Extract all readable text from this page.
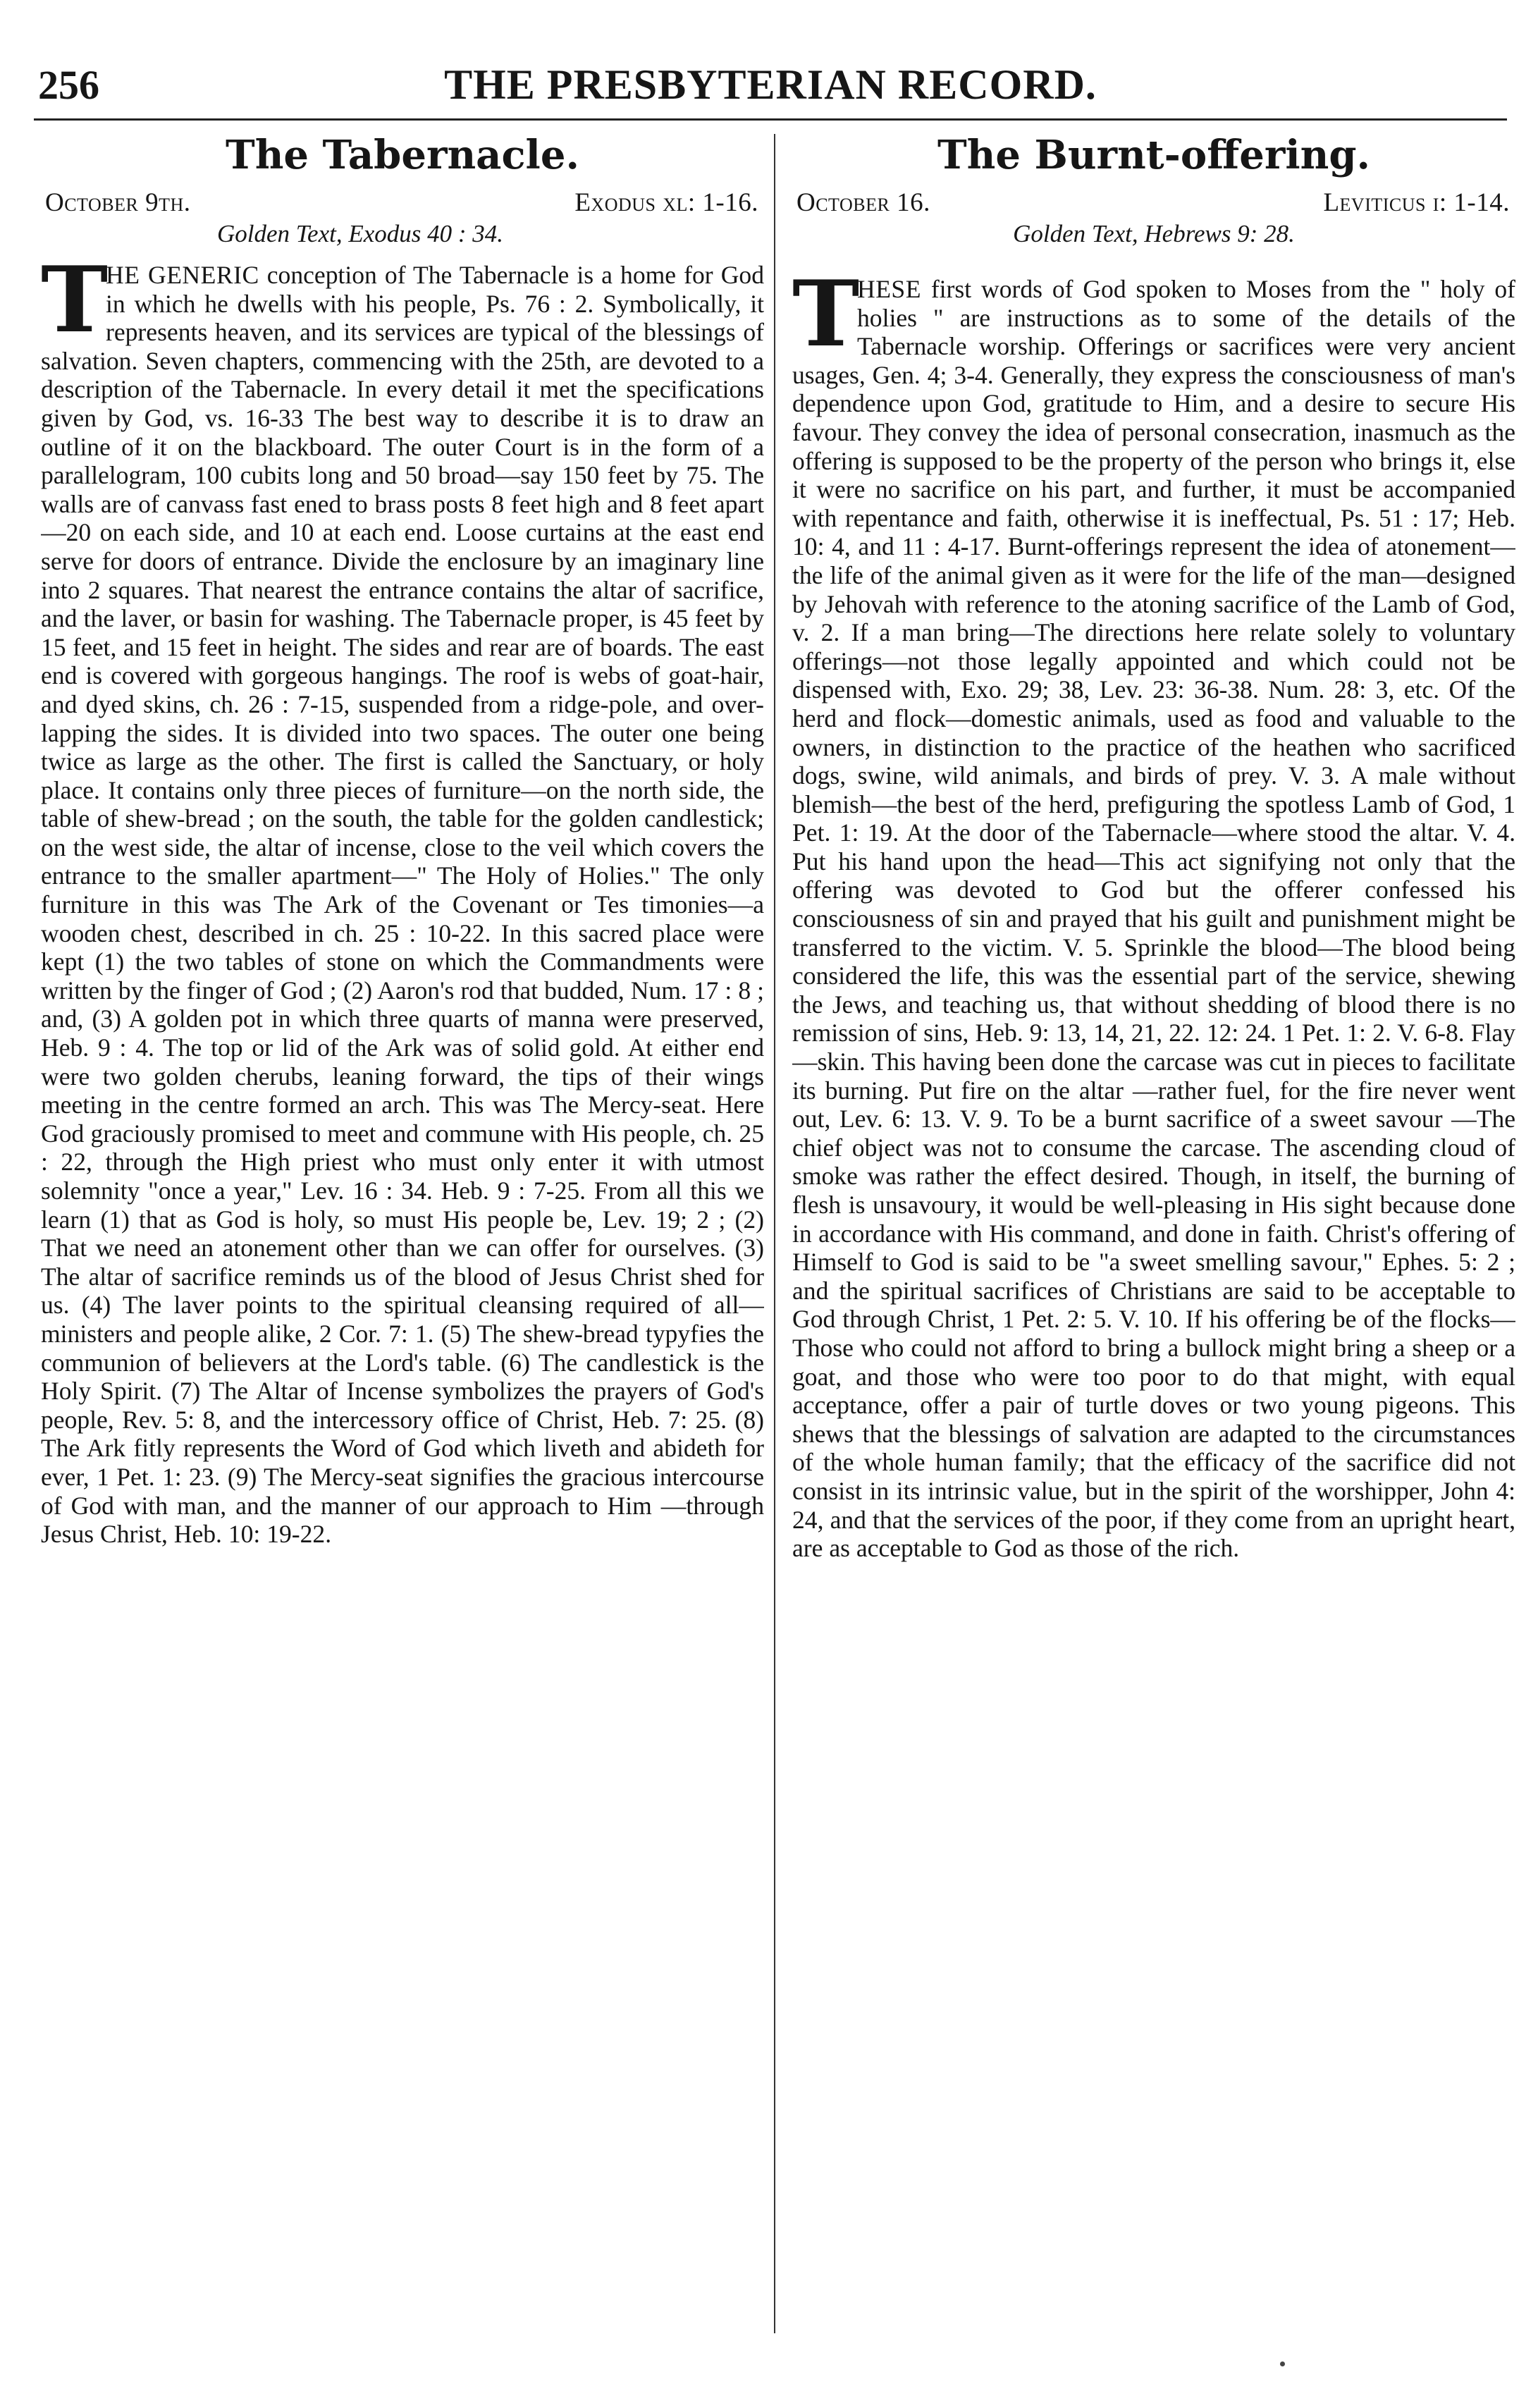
256	THE PRESBYTERIAN RECORD.
The Tabernacle.
October 9th.	Exodus xl: 1-16.
Golden Text, Exodus 40 : 34.

T
HE GENERIC conception of The Tabernacle is a home for God in which he dwells with his people, Ps. 76 : 2. Symbolically, it represents heaven, and its services are typical of the blessings of salvation. Seven chapters, commencing with the 25th, are devoted to a description of the Tabernacle. In every detail it met the specifications given by God, vs. 16-33 The best way to describe it is to draw an outline of it on the blackboard. The outer Court is in the form of a parallelogram, 100 cubits long and 50 broad—say 150 feet by 75. The walls are of canvass fast ened to brass posts 8 feet high and 8 feet apart—20 on each side, and 10 at each end. Loose curtains at the east end serve for doors of entrance. Divide the enclosure by an imaginary line into 2 squares. That nearest the entrance contains the altar of sacrifice, and the laver, or basin for washing. The Tabernacle proper, is 45 feet by 15 feet, and 15 feet in height. The sides and rear are of boards. The east end is covered with gorgeous hangings. The roof is webs of goat-hair, and dyed skins, ch. 26 : 7-15, suspended from a ridge-pole, and over-lapping the sides. It is divided into two spaces. The outer one being twice as large as the other. The first is called the Sanctuary, or holy place. It contains only three pieces of furniture—on the north side, the table of shew-bread ; on the south, the table for the golden candlestick; on the west side, the altar of incense, close to the veil which covers the entrance to the smaller apartment—" The Holy of Holies." The only furniture in this was The Ark of the Covenant or Tes timonies—a wooden chest, described in ch. 25 : 10-22. In this sacred place were kept (1) the two tables of stone on which the Commandments were written by the finger of God ; (2) Aaron's rod that budded, Num. 17 : 8 ; and, (3) A golden pot in which three quarts of manna were preserved, Heb. 9 : 4. The top or lid of the Ark was of solid gold. At either end were two golden cherubs, leaning forward, the tips of their wings meeting in the centre formed an arch. This was The Mercy-seat. Here God graciously promised to meet and commune with His people, ch. 25 : 22, through the High priest who must only enter it with utmost solemnity "once a year," Lev. 16 : 34. Heb. 9 : 7-25. From all this we learn (1) that as God is holy, so must His people be, Lev. 19; 2 ; (2) That we need an atonement other than we can offer for ourselves. (3) The altar of sacrifice reminds us of the blood of Jesus Christ shed for us. (4) The laver points to the spiritual cleansing required of all—ministers and people alike, 2 Cor. 7: 1. (5) The shew-bread typyfies the communion of believers at the Lord's table. (6) The candlestick is the Holy Spirit. (7) The Altar of Incense symbolizes the prayers of God's people, Rev. 5: 8, and the intercessory office of Christ, Heb. 7: 25. (8) The Ark fitly represents the Word of God which liveth and abideth for ever, 1 Pet. 1: 23. (9) The Mercy-seat signifies the gracious intercourse of God with man, and the manner of our approach to Him —through Jesus Christ, Heb. 10: 19-22.

The Burnt-offering.
October 16.	Leviticus i: 1-14.
Golden Text, Hebrews 9: 28.

T
HESE first words of God spoken to Moses from the " holy of holies " are instructions as to some of the details of the Tabernacle worship. Offerings or sacrifices were very ancient usages, Gen. 4; 3-4. Generally, they express the consciousness of man's dependence upon God, gratitude to Him, and a desire to secure His favour. They convey the idea of personal consecration, inasmuch as the offering is supposed to be the property of the person who brings it, else it were no sacrifice on his part, and further, it must be accompanied with repentance and faith, otherwise it is ineffectual, Ps. 51 : 17; Heb. 10: 4, and 11 : 4-17. Burnt-offerings represent the idea of atonement—the life of the animal given as it were for the life of the man—designed by Jehovah with reference to the atoning sacrifice of the Lamb of God, v. 2. If a man bring—The directions here relate solely to voluntary offerings—not those legally appointed and which could not be dispensed with, Exo. 29; 38, Lev. 23: 36-38. Num. 28: 3, etc. Of the herd and flock—domestic animals, used as food and valuable to the owners, in distinction to the practice of the heathen who sacrificed dogs, swine, wild animals, and birds of prey. V. 3. A male without blemish—the best of the herd, prefiguring the spotless Lamb of God, 1 Pet. 1: 19. At the door of the Tabernacle—where stood the altar. V. 4. Put his hand upon the head—This act signifying not only that the offering was devoted to God but the offerer confessed his consciousness of sin and prayed that his guilt and punishment might be transferred to the victim. V. 5. Sprinkle the blood—The blood being considered the life, this was the essential part of the service, shewing the Jews, and teaching us, that without shedding of blood there is no remission of sins, Heb. 9: 13, 14, 21, 22. 12: 24. 1 Pet. 1: 2. V. 6-8. Flay—skin. This having been done the carcase was cut in pieces to facilitate its burning. Put fire on the altar —rather fuel, for the fire never went out, Lev. 6: 13. V. 9. To be a burnt sacrifice of a sweet savour —The chief object was not to consume the carcase. The ascending cloud of smoke was rather the effect desired. Though, in itself, the burning of flesh is unsavoury, it would be well-pleasing in His sight because done in accordance with His command, and done in faith. Christ's offering of Himself to God is said to be "a sweet smelling savour," Ephes. 5: 2 ; and the spiritual sacrifices of Christians are said to be acceptable to God through Christ, 1 Pet. 2: 5. V. 10. If his offering be of the flocks—Those who could not afford to bring a bullock might bring a sheep or a goat, and those who were too poor to do that might, with equal acceptance, offer a pair of turtle doves or two young pigeons. This shews that the blessings of salvation are adapted to the circumstances of the whole human family; that the efficacy of the sacrifice did not consist in its intrinsic value, but in the spirit of the worshipper, John 4: 24, and that the services of the poor, if they come from an upright heart, are as acceptable to God as those of the rich.
